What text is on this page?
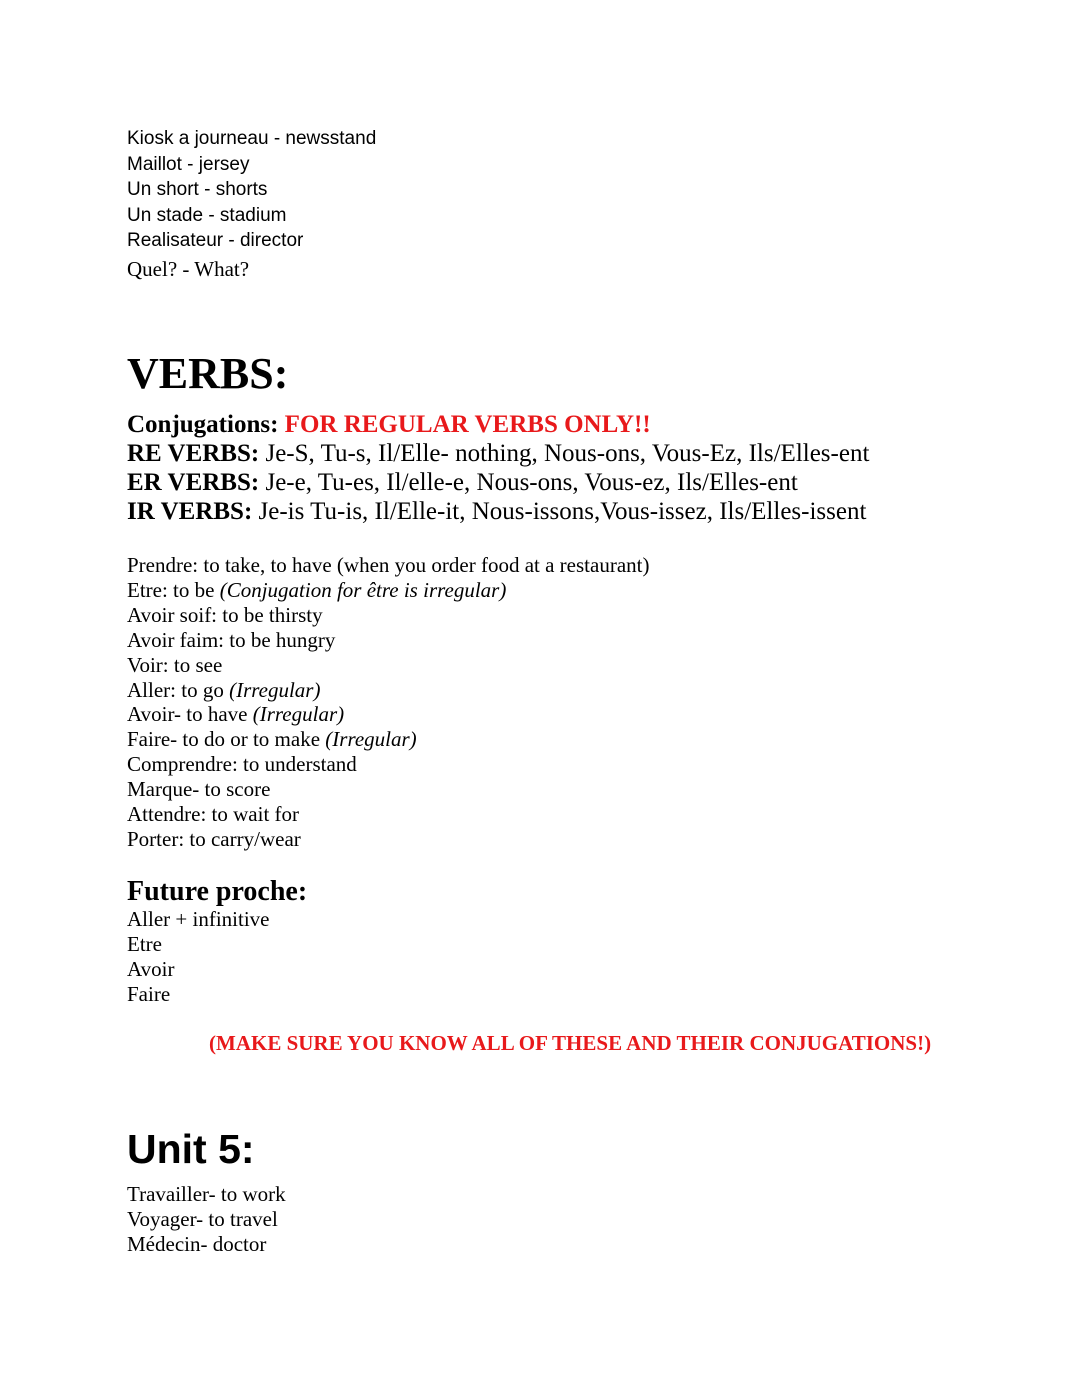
Kiosk a journeau - newsstand
Maillot - jersey
Un short - shorts
Un stade - stadium
Realisateur - director
Quel? - What?
VERBS:
Conjugations: FOR REGULAR VERBS ONLY!!
RE VERBS: Je-S, Tu-s, Il/Elle- nothing, Nous-ons, Vous-Ez, Ils/Elles-ent
ER VERBS: Je-e, Tu-es, Il/elle-e, Nous-ons, Vous-ez, Ils/Elles-ent
IR VERBS: Je-is Tu-is, Il/Elle-it, Nous-issons,Vous-issez, Ils/Elles-issent
Prendre: to take, to have (when you order food at a restaurant)
Etre: to be (Conjugation for être is irregular)
Avoir soif: to be thirsty
Avoir faim: to be hungry
Voir: to see
Aller: to go (Irregular)
Avoir- to have (Irregular)
Faire- to do or to make (Irregular)
Comprendre: to understand
Marque- to score
Attendre: to wait for
Porter: to carry/wear
Future proche:
Aller + infinitive
Etre
Avoir
Faire

(MAKE SURE YOU KNOW ALL OF THESE AND THEIR CONJUGATIONS!)

Unit 5:
Travailler- to work
Voyager- to travel
Médecin- doctor
